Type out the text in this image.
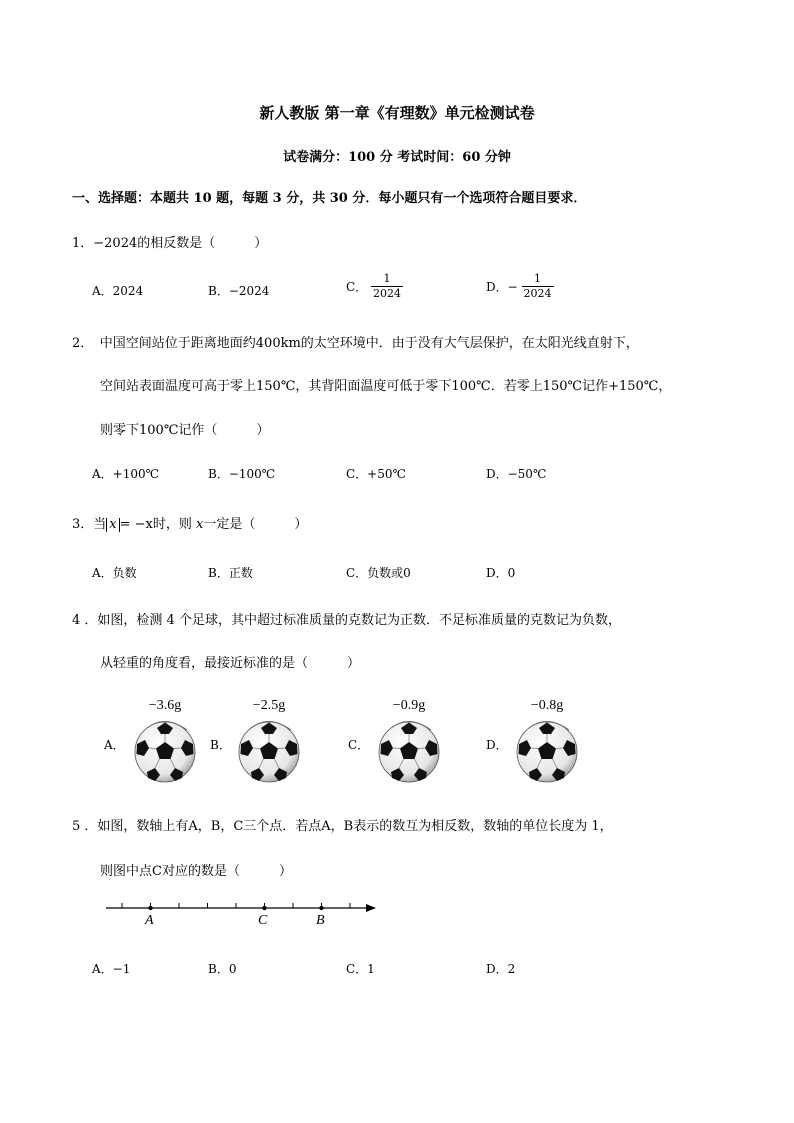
新人教版 第一章《有理数》单元检测试卷
试卷满分：100 分 考试时间：60 分钟
一、选择题：本题共 10 题，每题 3 分，共 30 分．每小题只有一个选项符合题目要求．
1．−2024的相反数是（　　　）
A．2024	B．−2024	C． $\frac{1}{2024}$	D．− $\frac{1}{2024}$
2．　中国空间站位于距离地面约400km的太空环境中．由于没有大气层保护，在太阳光线直射下，
空间站表面温度可高于零上150℃，其背阳面温度可低于零下100℃．若零上150℃记作+150℃，
则零下100℃记作（　　　）
A．+100℃	B．−100℃	C．+50℃	D．−50℃
3．当 x = −x时，则 x一定是（　　　）
A．负数	B．正数	C．负数或0	D．0
4 ．如图，检测 4 个足球，其中超过标准质量的克数记为正数．不足标准质量的克数记为负数，
从轻重的角度看，最接近标准的是（　　　）
A．
−3.6g
B．
−2.5g
C．
−0.9g
D．
−0.8g
5 ．如图，数轴上有A，B，C三个点．若点A，B表示的数互为相反数，数轴的单位长度为 1，
则图中点C对应的数是（　　　）
A	C	B
A．−1	B．0	C．1	D．2
